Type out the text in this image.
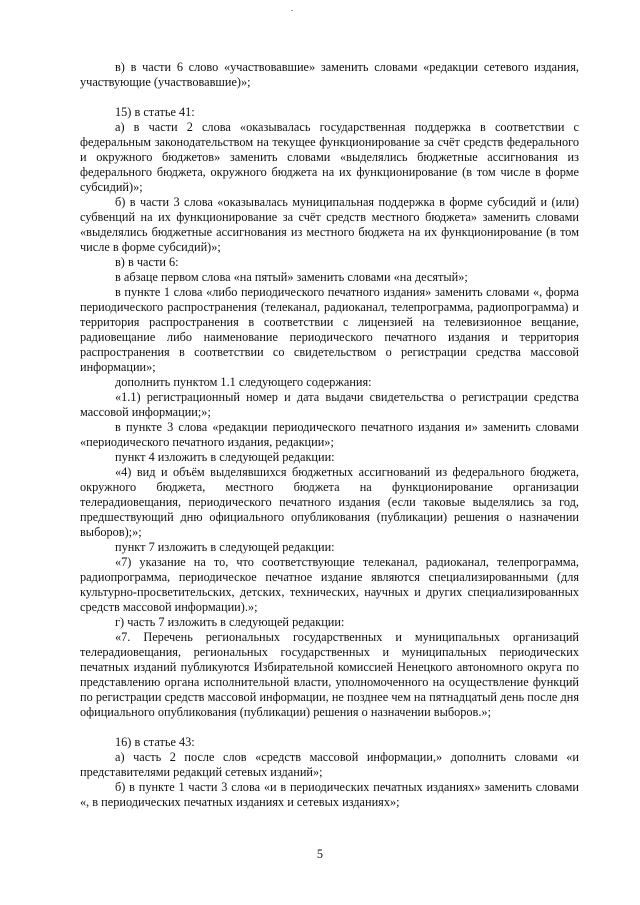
в) в части 6 слово «участвовавшие» заменить словами «редакции сетевого издания, участвующие (участвовавшие)»;

15) в статье 41:

а) в части 2 слова «оказывалась государственная поддержка в соответствии с федеральным законодательством на текущее функционирование за счёт средств федерального и окружного бюджетов» заменить словами «выделялись бюджетные ассигнования из федерального бюджета, окружного бюджета на их функционирование (в том числе в форме субсидий)»;

б) в части 3 слова «оказывалась муниципальная поддержка в форме субсидий и (или) субвенций на их функционирование за счёт средств местного бюджета» заменить словами «выделялись бюджетные ассигнования из местного бюджета на их функционирование (в том числе в форме субсидий)»;

в) в части 6:

в абзаце первом слова «на пятый» заменить словами «на десятый»;

в пункте 1 слова «либо периодического печатного издания» заменить словами «, форма периодического распространения (телеканал, радиоканал, телепрограмма, радиопрограмма) и территория распространения в соответствии с лицензией на телевизионное вещание, радиовещание либо наименование периодического печатного издания и территория распространения в соответствии со свидетельством о регистрации средства массовой информации»;

дополнить пунктом 1.1 следующего содержания:

«1.1) регистрационный номер и дата выдачи свидетельства о регистрации средства массовой информации;»;

в пункте 3 слова «редакции периодического печатного издания и» заменить словами «периодического печатного издания, редакции»;

пункт 4 изложить в следующей редакции:

«4) вид и объём выделявшихся бюджетных ассигнований из федерального бюджета, окружного бюджета, местного бюджета на функционирование организации телерадиовещания, периодического печатного издания (если таковые выделялись за год, предшествующий дню официального опубликования (публикации) решения о назначении выборов);»;

пункт 7 изложить в следующей редакции:

«7) указание на то, что соответствующие телеканал, радиоканал, телепрограмма, радиопрограмма, периодическое печатное издание являются специализированными (для культурно-просветительских, детских, технических, научных и других специализированных средств массовой информации).»;

г) часть 7 изложить в следующей редакции:

«7. Перечень региональных государственных и муниципальных организаций телерадиовещания, региональных государственных и муниципальных периодических печатных изданий публикуются Избирательной комиссией Ненецкого автономного округа по представлению органа исполнительной власти, уполномоченного на осуществление функций по регистрации средств массовой информации, не позднее чем на пятнадцатый день после дня официального опубликования (публикации) решения о назначении выборов.»;

16) в статье 43:

а) часть 2 после слов «средств массовой информации,» дополнить словами «и представителями редакций сетевых изданий»;

б) в пункте 1 части 3 слова «и в периодических печатных изданиях» заменить словами «, в периодических печатных изданиях и сетевых изданиях»;

5
